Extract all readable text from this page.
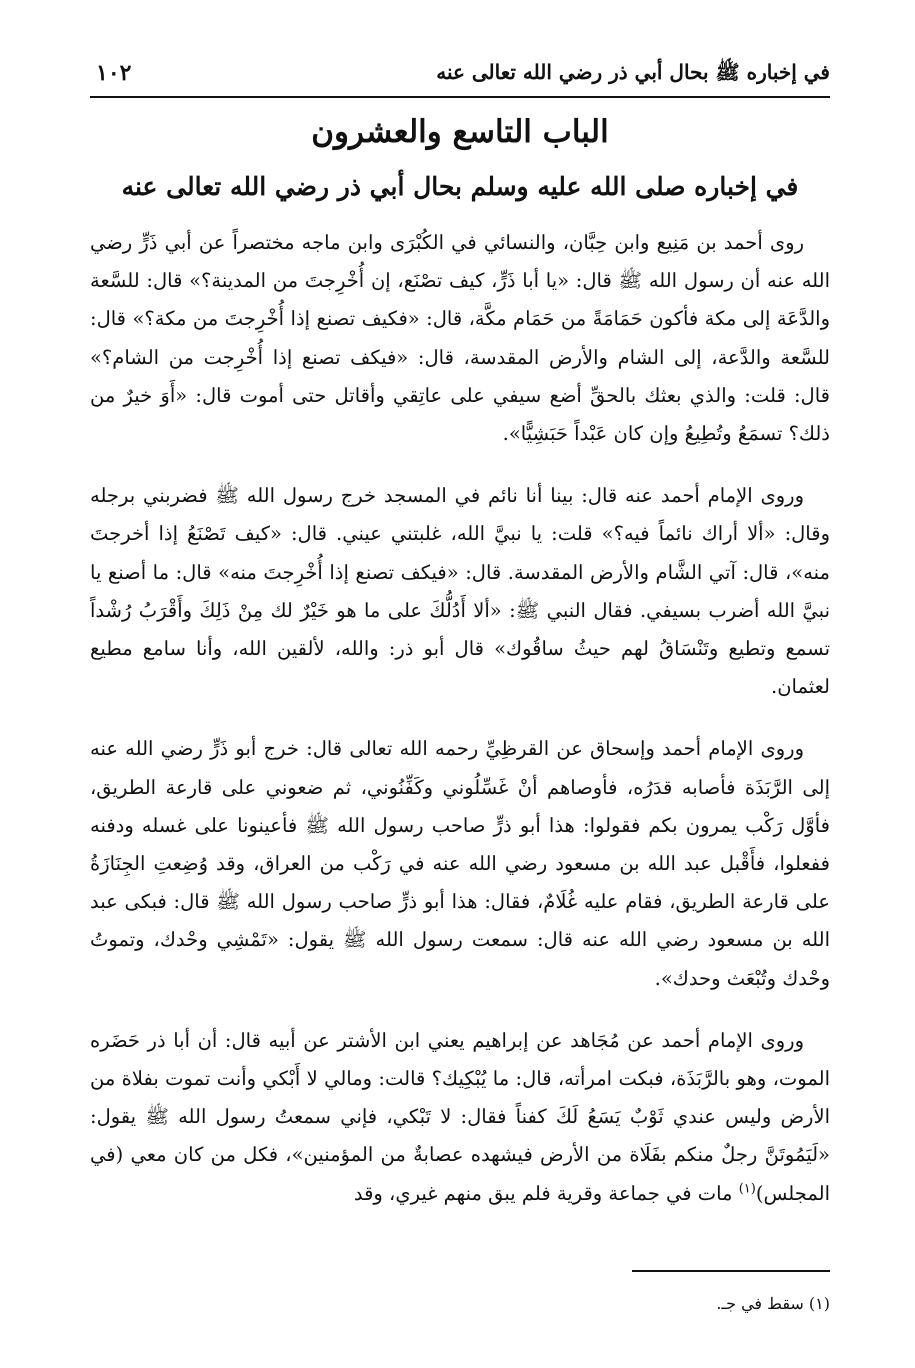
في إخباره ﷺ بحال أبي ذر رضي الله تعالى عنه
١٠٢
الباب التاسع والعشرون
في إخباره صلى الله عليه وسلم بحال أبي ذر رضي الله تعالى عنه

روى أحمد بن مَنِيع وابن حِبَّان، والنسائي في الكُبْرَى وابن ماجه مختصراً عن أبي ذَرٍّ رضي الله عنه أن رسول الله ﷺ قال: «يا أبا ذَرٍّ، كيف تصْنَع، إن أُخْرِجتَ من المدينة؟» قال: للسَّعة والدَّعَة إلى مكة فأكون حَمَامَةً من حَمَام مكَّة، قال: «فكيف تصنع إذا أُخْرِجتَ من مكة؟» قال: للسَّعة والدَّعة، إلى الشام والأرض المقدسة، قال: «فيكف تصنع إذا أُخْرِجت من الشام؟» قال: قلت: والذي بعثك بالحقِّ أضع سيفي على عاتِقي وأقاتل حتى أموت قال: «أَوَ خيرٌ من ذلك؟ تسمَعُ وتُطِيعُ وإن كان عَبْداً حَبَشِيًّا».

وروى الإمام أحمد عنه قال: بينا أنا نائم في المسجد خرج رسول الله ﷺ فضربني برجله وقال: «ألا أراك نائماً فيه؟» قلت: يا نبيَّ الله، غلبتني عيني. قال: «كيف تَصْنَعُ إذا أخرجتَ منه»، قال: آتي الشَّام والأرض المقدسة. قال: «فيكف تصنع إذا أُخْرِجتَ منه» قال: ما أصنع يا نبيَّ الله أضرب بسيفي. فقال النبي ﷺ: «ألا أَدُلُّكَ على ما هو خَيْرٌ لك مِنْ ذَلِكَ وأَقْرَبُ رُشْداً تسمع وتطيع وتَنْسَاقُ لهم حيثُ ساقُوك» قال أبو ذر: والله، لألقين الله، وأنا سامع مطيع لعثمان.

وروى الإمام أحمد وإسحاق عن القرظِيِّ رحمه الله تعالى قال: خرج أبو ذَرٍّ رضي الله عنه إلى الرَّبَذَة فأصابه قدَرُه، فأوصاهم أنْ غَسِّلُوني وكَفِّنُوني، ثم ضعوني على قارعة الطريق، فأوَّل رَكْب يمرون بكم فقولوا: هذا أبو ذرٍّ صاحب رسول الله ﷺ فأعينونا على غسله ودفنه ففعلوا، فأَقْبل عبد الله بن مسعود رضي الله عنه في رَكْب من العراق، وقد وُضِعتِ الجِنَازَةُ على قارعة الطريق، فقام عليه غُلَامٌ، فقال: هذا أبو ذرٍّ صاحب رسول الله ﷺ قال: فبكى عبد الله بن مسعود رضي الله عنه قال: سمعت رسول الله ﷺ يقول: «تَمْشِي وحْدك، وتموتُ وحْدك وتُبْعَث وحدك».

وروى الإمام أحمد عن مُجَاهد عن إبراهيم يعني ابن الأشتر عن أبيه قال: أن أبا ذر حَضَره الموت، وهو بالرَّبَذَة، فبكت امرأته، قال: ما يُبْكِيك؟ قالت: ومالي لا أَبْكي وأنت تموت بفلاة من الأرض وليس عندي ثَوْبٌ يَسَعُ لَكَ كفناً فقال: لا تَبْكي، فإني سمعتُ رسول الله ﷺ يقول: «لَيَمُوتَنَّ رجلٌ منكم بفَلَاة من الأرض فيشهده عصابةٌ من المؤمنين»، فكل من كان معي (في المجلس)$^{(١)}$ مات في جماعة وقرية فلم يبق منهم غيري، وقد

(١) سقط في جـ.
